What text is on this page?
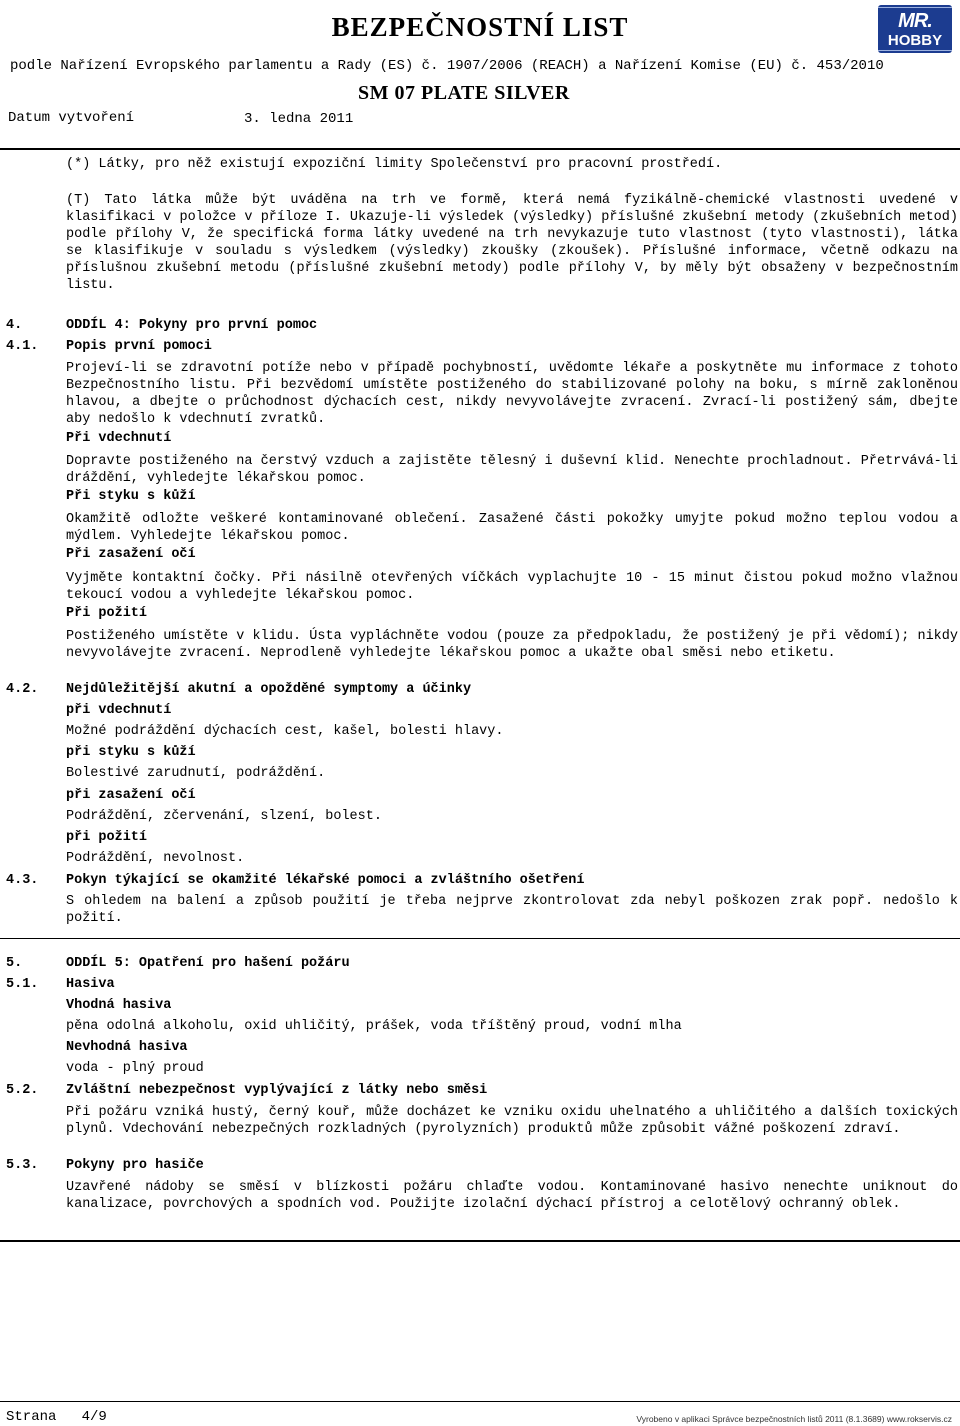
BEZPEČNOSTNÍ LIST	MR.
HOBBY
podle Nařízení Evropského parlamentu a Rady (ES) č. 1907/2006 (REACH) a Nařízení Komise (EU) č. 453/2010
SM 07 PLATE SILVER
Datum vytvoření	3. ledna 2011
(*) Látky, pro něž existují expoziční limity Společenství pro pracovní prostředí.
(T) Tato látka může být uváděna na trh ve formě, která nemá fyzikálně-chemické vlastnosti uvedené v klasifikaci v položce v příloze I. Ukazuje-li výsledek (výsledky) příslušné zkušební metody (zkušebních metod) podle přílohy V, že specifická forma látky uvedené na trh nevykazuje tuto vlastnost (tyto vlastnosti), látka se klasifikuje v souladu s výsledkem (výsledky) zkoušky (zkoušek). Příslušné informace, včetně odkazu na příslušnou zkušební metodu (příslušné zkušební metody) podle přílohy V, by měly být obsaženy v bezpečnostním listu.
4.	ODDÍL 4: Pokyny pro první pomoc
4.1. Popis první pomoci
Projeví-li se zdravotní potíže nebo v případě pochybností, uvědomte lékaře a poskytněte mu informace z tohoto Bezpečnostního listu. Při bezvědomí umístěte postiženého do stabilizované polohy na boku, s mírně zakloněnou hlavou, a dbejte o průchodnost dýchacích cest, nikdy nevyvolávejte zvracení. Zvrací-li postižený sám, dbejte aby nedošlo k vdechnutí zvratků.
Při vdechnutí
Dopravte postiženého na čerstvý vzduch a zajistěte tělesný i duševní klid. Nenechte prochladnout. Přetrvává-li dráždění, vyhledejte lékařskou pomoc.
Při styku s kůží
Okamžitě odložte veškeré kontaminované oblečení. Zasažené části pokožky umyjte pokud možno teplou vodou a mýdlem. Vyhledejte lékařskou pomoc.
Při zasažení očí
Vyjměte kontaktní čočky. Při násilně otevřených víčkách vyplachujte 10 - 15 minut čistou pokud možno vlažnou tekoucí vodou a vyhledejte lékařskou pomoc.
Při požití
Postiženého umístěte v klidu. Ústa vypláchněte vodou (pouze za předpokladu, že postižený je při vědomí); nikdy nevyvolávejte zvracení. Neprodleně vyhledejte lékařskou pomoc a ukažte obal směsi nebo etiketu.
4.2. Nejdůležitější akutní a opožděné symptomy a účinky
při vdechnutí
Možné podráždění dýchacích cest, kašel, bolesti hlavy.
při styku s kůží
Bolestivé zarudnutí, podráždění.
při zasažení očí
Podráždění, zčervenání, slzení, bolest.
při požití
Podráždění, nevolnost.
4.3. Pokyn týkající se okamžité lékařské pomoci a zvláštního ošetření
S ohledem na balení a způsob použití je třeba nejprve zkontrolovat zda nebyl poškozen zrak popř. nedošlo k požití.
5.	ODDÍL 5: Opatření pro hašení požáru
5.1. Hasiva
Vhodná hasiva
pěna odolná alkoholu, oxid uhličitý, prášek, voda tříštěný proud, vodní mlha
Nevhodná hasiva
voda - plný proud
5.2. Zvláštní nebezpečnost vyplývající z látky nebo směsi
Při požáru vzniká hustý, černý kouř, může docházet ke vzniku oxidu uhelnatého a uhličitého a dalších toxických plynů. Vdechování nebezpečných rozkladných (pyrolyzních) produktů může způsobit vážné poškození zdraví.
5.3. Pokyny pro hasiče
Uzavřené nádoby se směsí v blízkosti požáru chlaďte vodou. Kontaminované hasivo nenechte uniknout do kanalizace, povrchových a spodních vod. Použijte izolační dýchací přístroj a celotělový ochranný oblek.
Strana   4/9	Vyrobeno v aplikaci Správce bezpečnostních listů 2011 (8.1.3689) www.rokservis.cz
